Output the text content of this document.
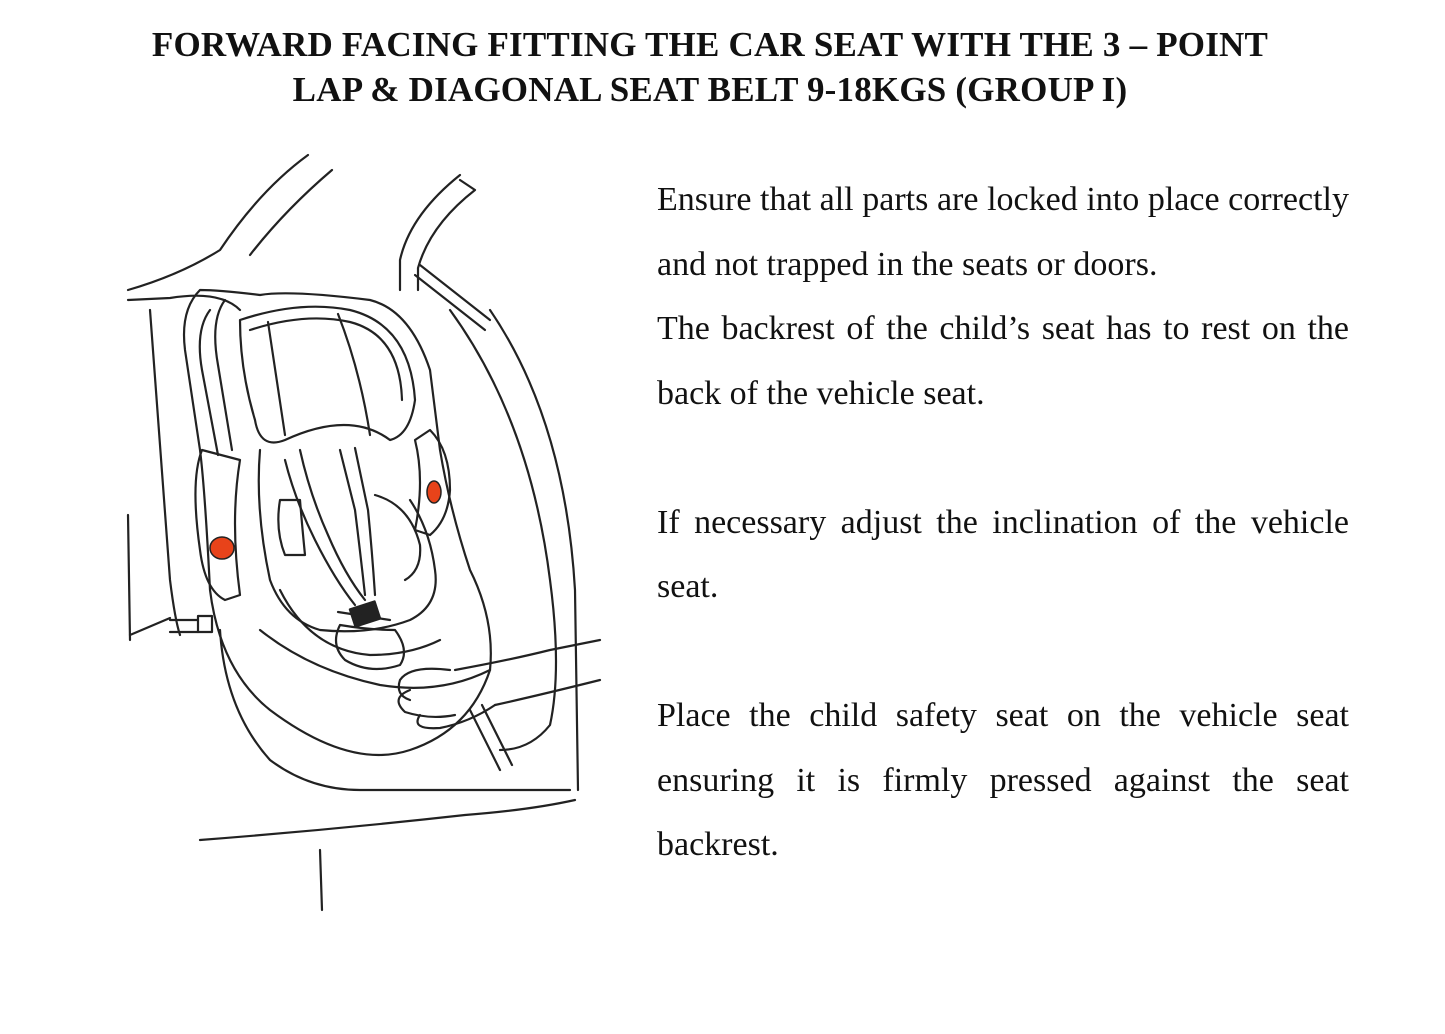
FORWARD FACING FITTING THE CAR SEAT WITH THE 3 – POINT
LAP & DIAGONAL SEAT BELT 9-18KGS (GROUP I)

Ensure that all parts are locked into place correctly and not trapped in the seats or doors.

The backrest of the child’s seat has to rest on the back of the vehicle seat.

If necessary adjust the inclination of the vehicle seat.

Place the child safety seat on the vehicle seat ensuring it is firmly pressed against the seat backrest.
